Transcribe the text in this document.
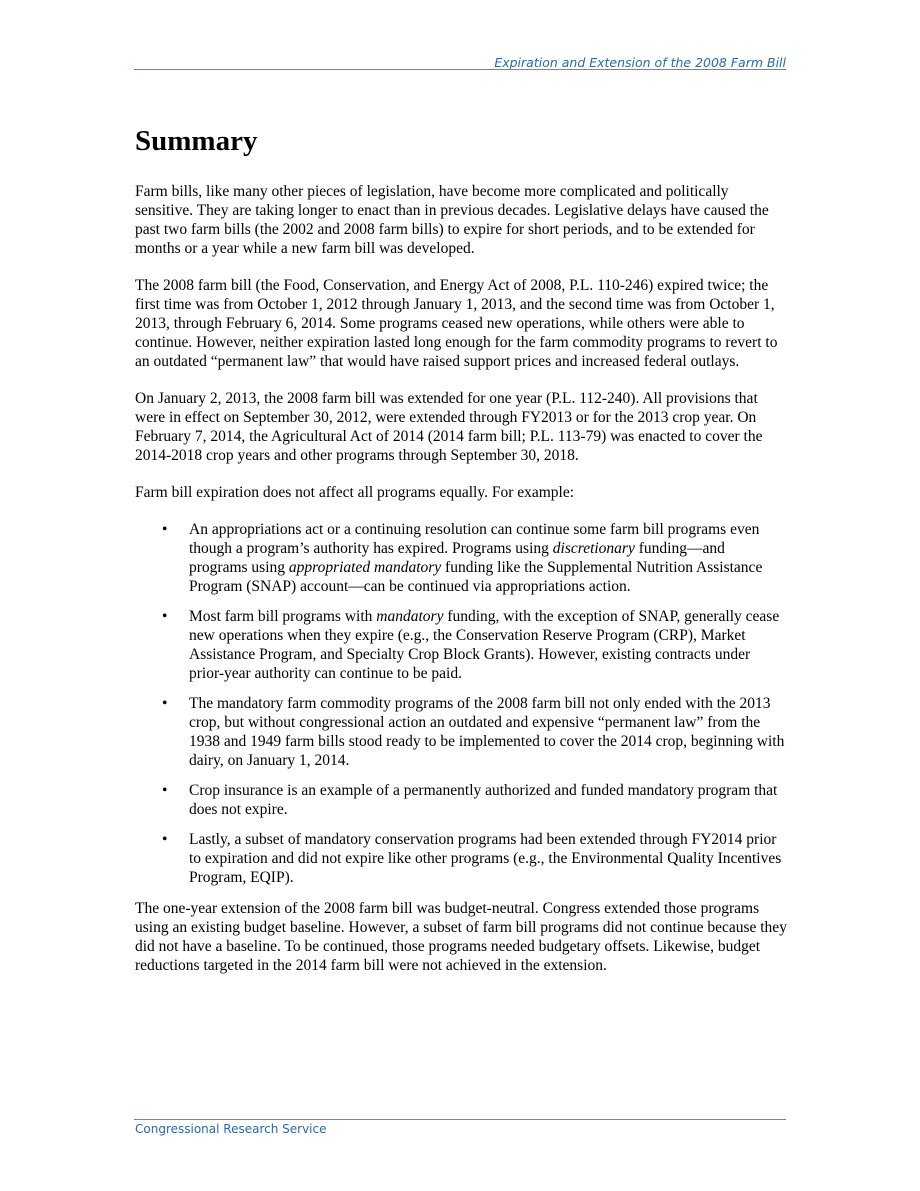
Expiration and Extension of the 2008 Farm Bill
Summary

Farm bills, like many other pieces of legislation, have become more complicated and politically sensitive. They are taking longer to enact than in previous decades. Legislative delays have caused the past two farm bills (the 2002 and 2008 farm bills) to expire for short periods, and to be extended for months or a year while a new farm bill was developed.

The 2008 farm bill (the Food, Conservation, and Energy Act of 2008, P.L. 110-246) expired twice; the first time was from October 1, 2012 through January 1, 2013, and the second time was from October 1, 2013, through February 6, 2014. Some programs ceased new operations, while others were able to continue. However, neither expiration lasted long enough for the farm commodity programs to revert to an outdated “permanent law” that would have raised support prices and increased federal outlays.

On January 2, 2013, the 2008 farm bill was extended for one year (P.L. 112-240). All provisions that were in effect on September 30, 2012, were extended through FY2013 or for the 2013 crop year. On February 7, 2014, the Agricultural Act of 2014 (2014 farm bill; P.L. 113-79) was enacted to cover the 2014-2018 crop years and other programs through September 30, 2018.

Farm bill expiration does not affect all programs equally. For example:

• An appropriations act or a continuing resolution can continue some farm bill programs even though a program’s authority has expired. Programs using discretionary funding—and programs using appropriated mandatory funding like the Supplemental Nutrition Assistance Program (SNAP) account—can be continued via appropriations action.
• Most farm bill programs with mandatory funding, with the exception of SNAP, generally cease new operations when they expire (e.g., the Conservation Reserve Program (CRP), Market Assistance Program, and Specialty Crop Block Grants). However, existing contracts under prior-year authority can continue to be paid.
• The mandatory farm commodity programs of the 2008 farm bill not only ended with the 2013 crop, but without congressional action an outdated and expensive “permanent law” from the 1938 and 1949 farm bills stood ready to be implemented to cover the 2014 crop, beginning with dairy, on January 1, 2014.
• Crop insurance is an example of a permanently authorized and funded mandatory program that does not expire.
• Lastly, a subset of mandatory conservation programs had been extended through FY2014 prior to expiration and did not expire like other programs (e.g., the Environmental Quality Incentives Program, EQIP).

The one-year extension of the 2008 farm bill was budget-neutral. Congress extended those programs using an existing budget baseline. However, a subset of farm bill programs did not continue because they did not have a baseline. To be continued, those programs needed budgetary offsets. Likewise, budget reductions targeted in the 2014 farm bill were not achieved in the extension.

Congressional Research Service
